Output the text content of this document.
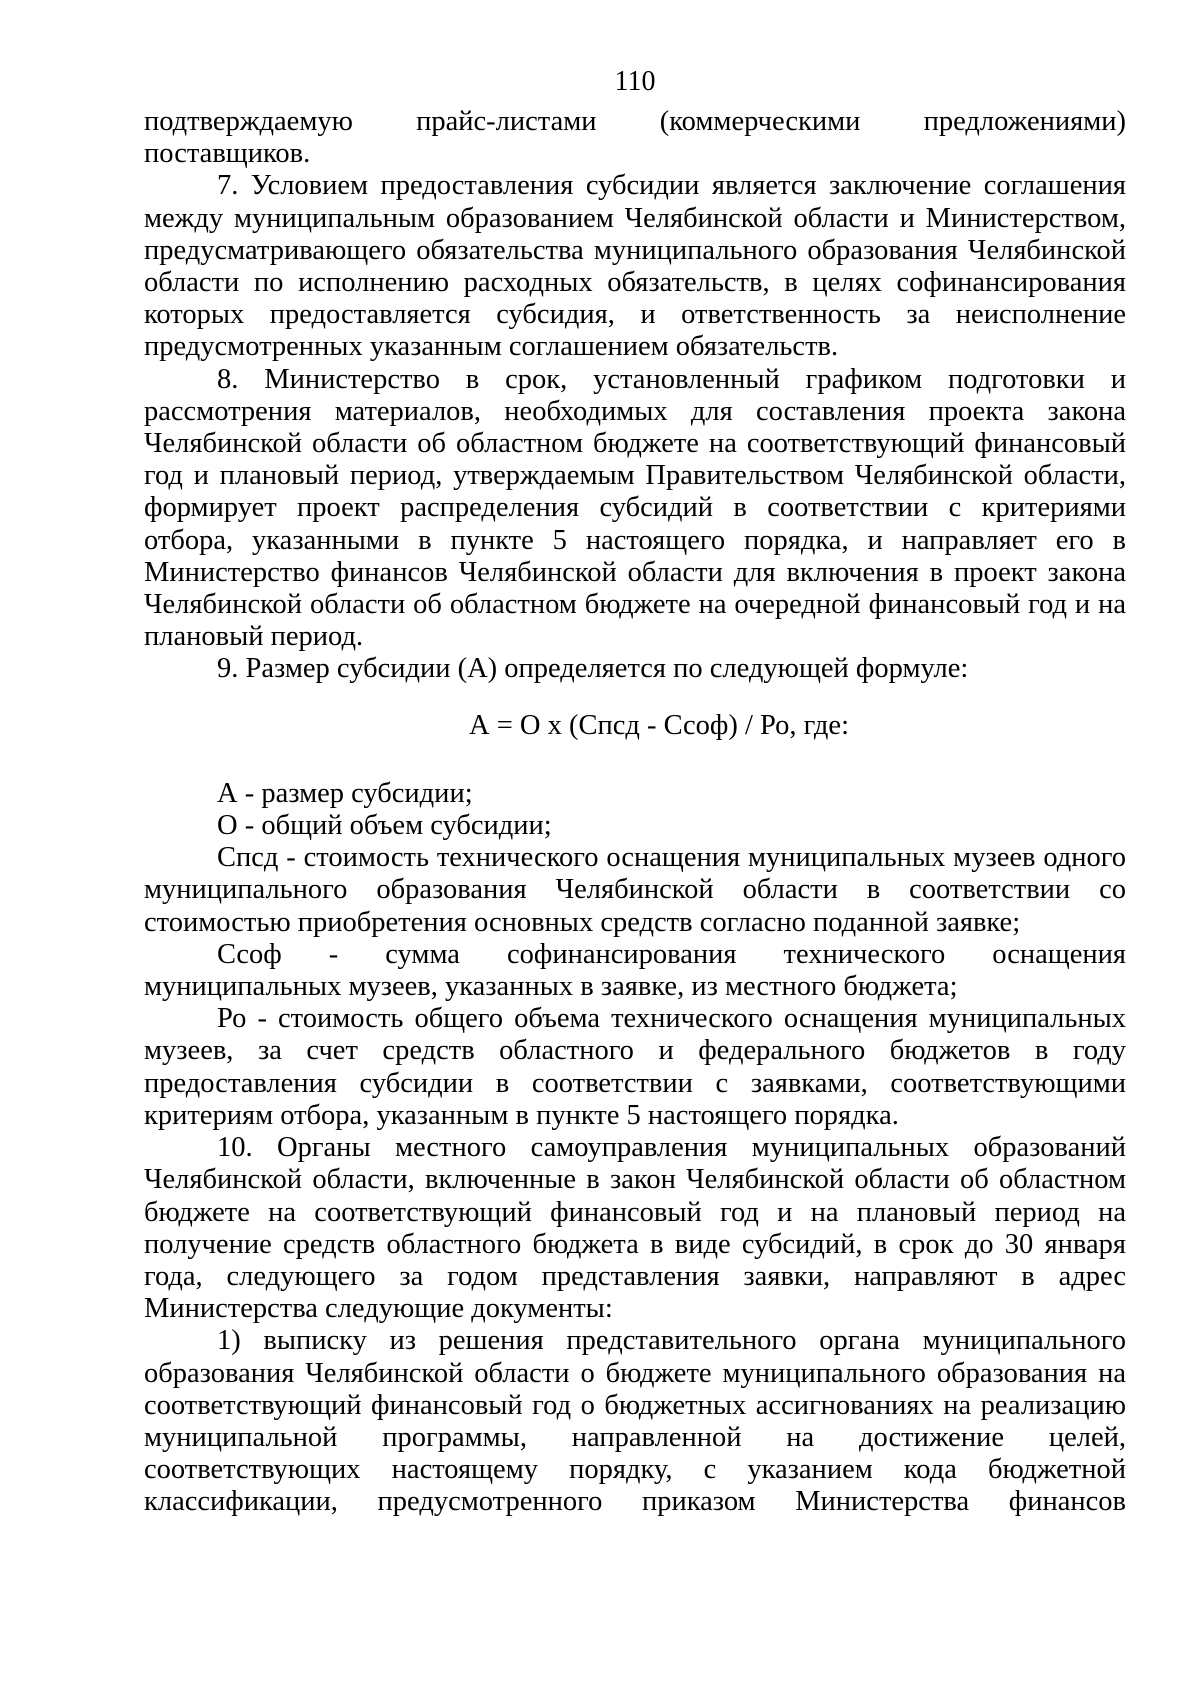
110

подтверждаемую прайс-листами (коммерческими предложениями) поставщиков.

7. Условием предоставления субсидии является заключение соглашения между муниципальным образованием Челябинской области и Министерством, предусматривающего обязательства муниципального образования Челябинской области по исполнению расходных обязательств, в целях софинансирования которых предоставляется субсидия, и ответственность за неисполнение предусмотренных указанным соглашением обязательств.

8. Министерство в срок, установленный графиком подготовки и рассмотрения материалов, необходимых для составления проекта закона Челябинской области об областном бюджете на соответствующий финансовый год и плановый период, утверждаемым Правительством Челябинской области, формирует проект распределения субсидий в соответствии с критериями отбора, указанными в пункте 5 настоящего порядка, и направляет его в Министерство финансов Челябинской области для включения в проект закона Челябинской области об областном бюджете на очередной финансовый год и на плановый период.

9. Размер субсидии (А) определяется по следующей формуле:

А = О х (Спсд - Ссоф) / Ро, где:

А - размер субсидии;

О - общий объем субсидии;

Спсд - стоимость технического оснащения муниципальных музеев одного муниципального образования Челябинской области в соответствии со стоимостью приобретения основных средств согласно поданной заявке;

Ссоф - сумма софинансирования технического оснащения муниципальных музеев, указанных в заявке, из местного бюджета;

Ро - стоимость общего объема технического оснащения муниципальных музеев, за счет средств областного и федерального бюджетов в году предоставления субсидии в соответствии с заявками, соответствующими критериям отбора, указанным в пункте 5 настоящего порядка.

10. Органы местного самоуправления муниципальных образований Челябинской области, включенные в закон Челябинской области об областном бюджете на соответствующий финансовый год и на плановый период на получение средств областного бюджета в виде субсидий, в срок до 30 января года, следующего за годом представления заявки, направляют в адрес Министерства следующие документы:

1) выписку из решения представительного органа муниципального образования Челябинской области о бюджете муниципального образования на соответствующий финансовый год о бюджетных ассигнованиях на реализацию муниципальной программы, направленной на достижение целей, соответствующих настоящему порядку, с указанием кода бюджетной классификации, предусмотренного приказом Министерства финансов
